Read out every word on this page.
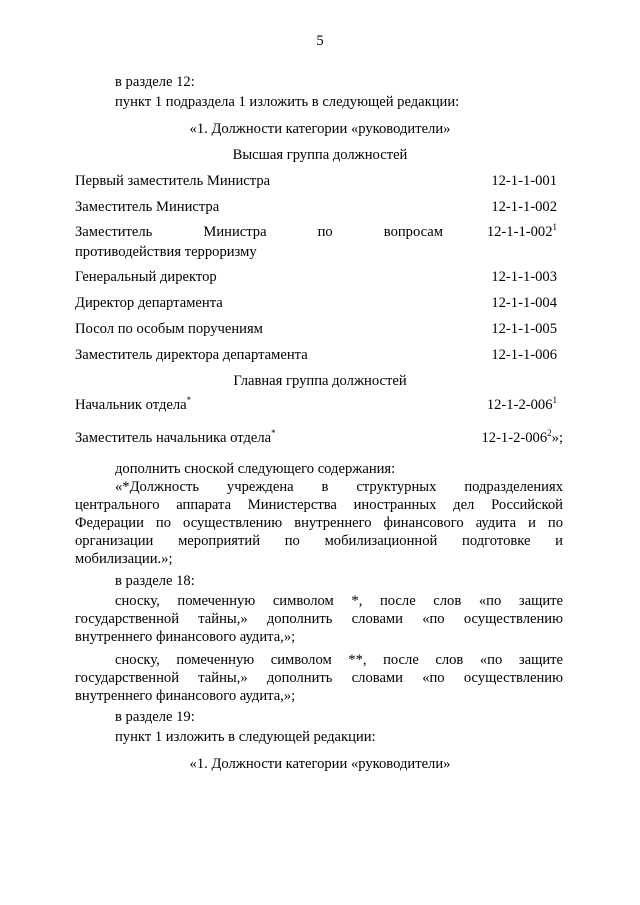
5
в разделе 12:
пункт 1 подраздела 1 изложить в следующей редакции:
«1. Должности категории «руководители»
Высшая группа должностей
Первый заместитель Министра	12-1-1-001
Заместитель Министра	12-1-1-002
Заместитель Министра по вопросам	$12-1-1-002^1$
противодействия терроризму
Генеральный директор	12-1-1-003
Директор департамента	12-1-1-004
Посол по особым поручениям	12-1-1-005
Заместитель директора департамента	12-1-1-006
Главная группа должностей
Начальник отдела*	$12-1-2-006^1$
Заместитель начальника отдела*	$12-1-2-006^2$»;
дополнить сноской следующего содержания:
«*Должность учреждена в структурных подразделениях
центрального аппарата Министерства иностранных дел Российской
Федерации по осуществлению внутреннего финансового аудита и по
организации мероприятий по мобилизационной подготовке и
мобилизации.»;
в разделе 18:
сноску, помеченную символом *, после слов «по защите
государственной тайны,» дополнить словами «по осуществлению
внутреннего финансового аудита,»;
сноску, помеченную символом **, после слов «по защите
государственной тайны,» дополнить словами «по осуществлению
внутреннего финансового аудита,»;
в разделе 19:
пункт 1 изложить в следующей редакции:
«1. Должности категории «руководители»
